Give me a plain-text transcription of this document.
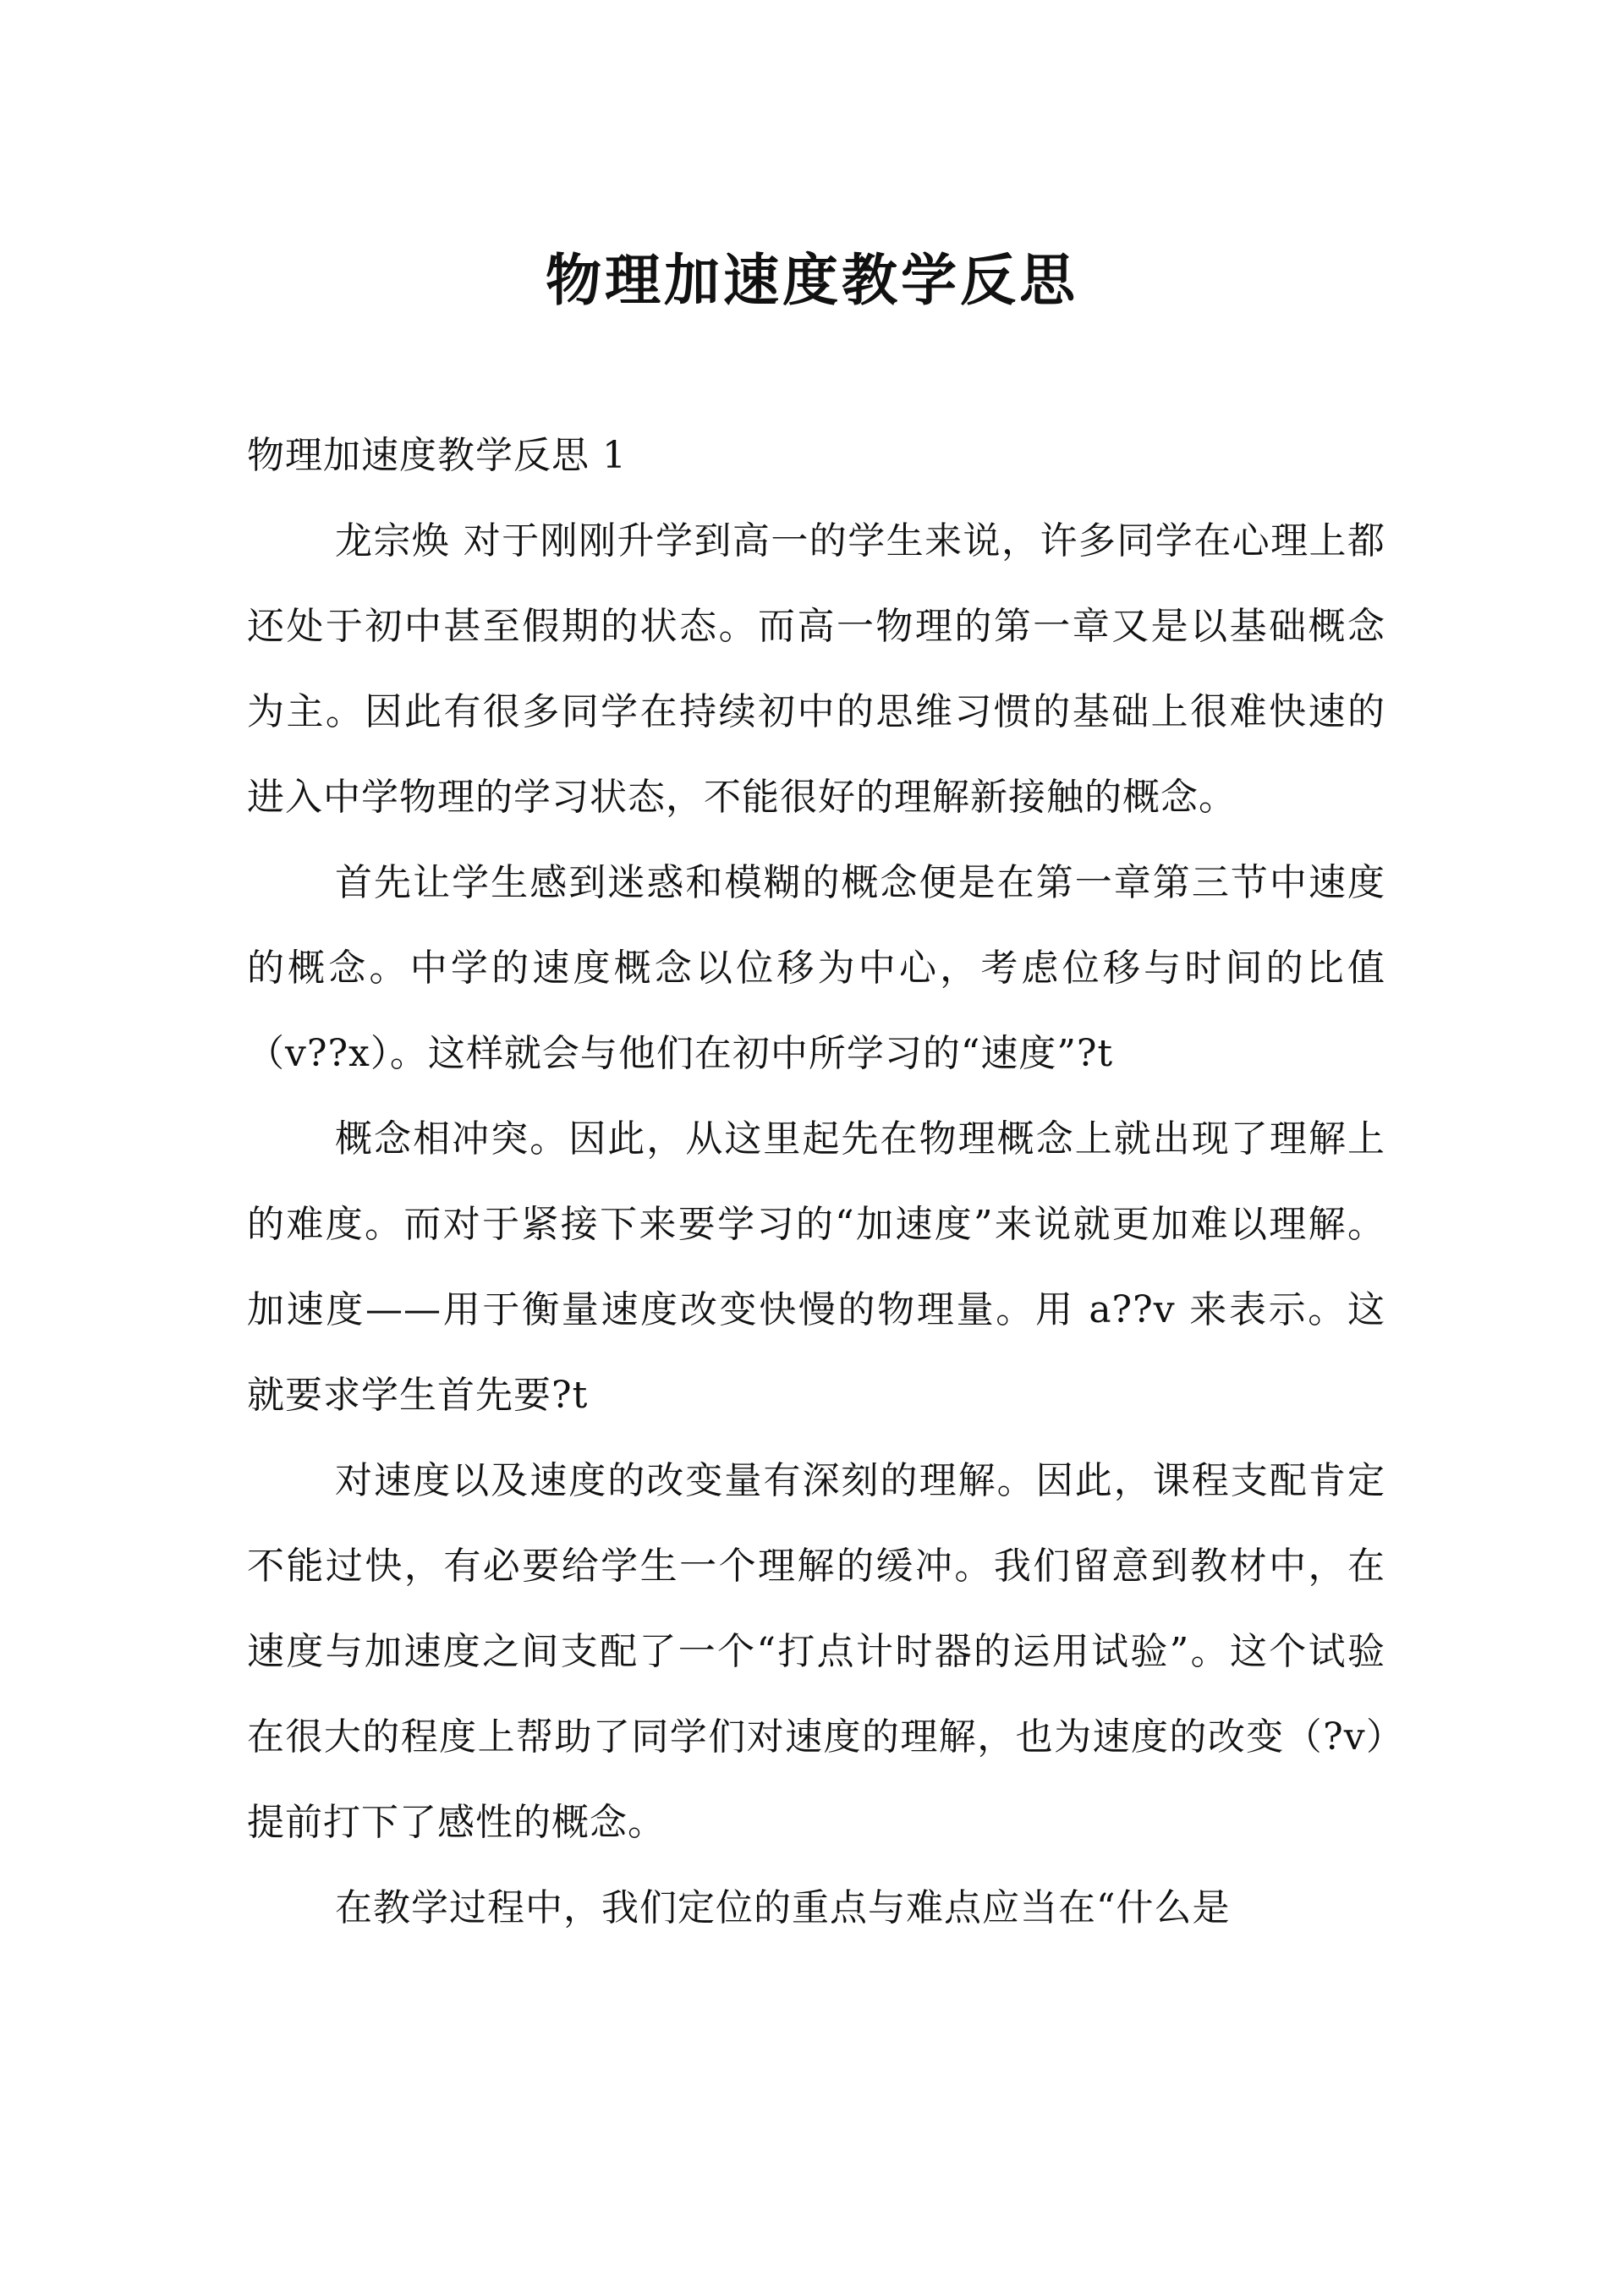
物理加速度教学反思

物理加速度教学反思 1

龙宗焕 对于刚刚升学到高一的学生来说，许多同学在心理上都还处于初中甚至假期的状态。而高一物理的第一章又是以基础概念为主。因此有很多同学在持续初中的思维习惯的基础上很难快速的进入中学物理的学习状态，不能很好的理解新接触的概念。

首先让学生感到迷惑和模糊的概念便是在第一章第三节中速度的概念。中学的速度概念以位移为中心，考虑位移与时间的比值（v??x）。这样就会与他们在初中所学习的“速度”?t

概念相冲突。因此，从这里起先在物理概念上就出现了理解上的难度。而对于紧接下来要学习的“加速度”来说就更加难以理解。 加速度——用于衡量速度改变快慢的物理量。用 a??v 来表示。这就要求学生首先要?t

对速度以及速度的改变量有深刻的理解。因此，课程支配肯定不能过快，有必要给学生一个理解的缓冲。我们留意到教材中，在速度与加速度之间支配了一个“打点计时器的运用试验”。这个试验在很大的程度上帮助了同学们对速度的理解，也为速度的改变（?v）提前打下了感性的概念。

在教学过程中，我们定位的重点与难点应当在“什么是
